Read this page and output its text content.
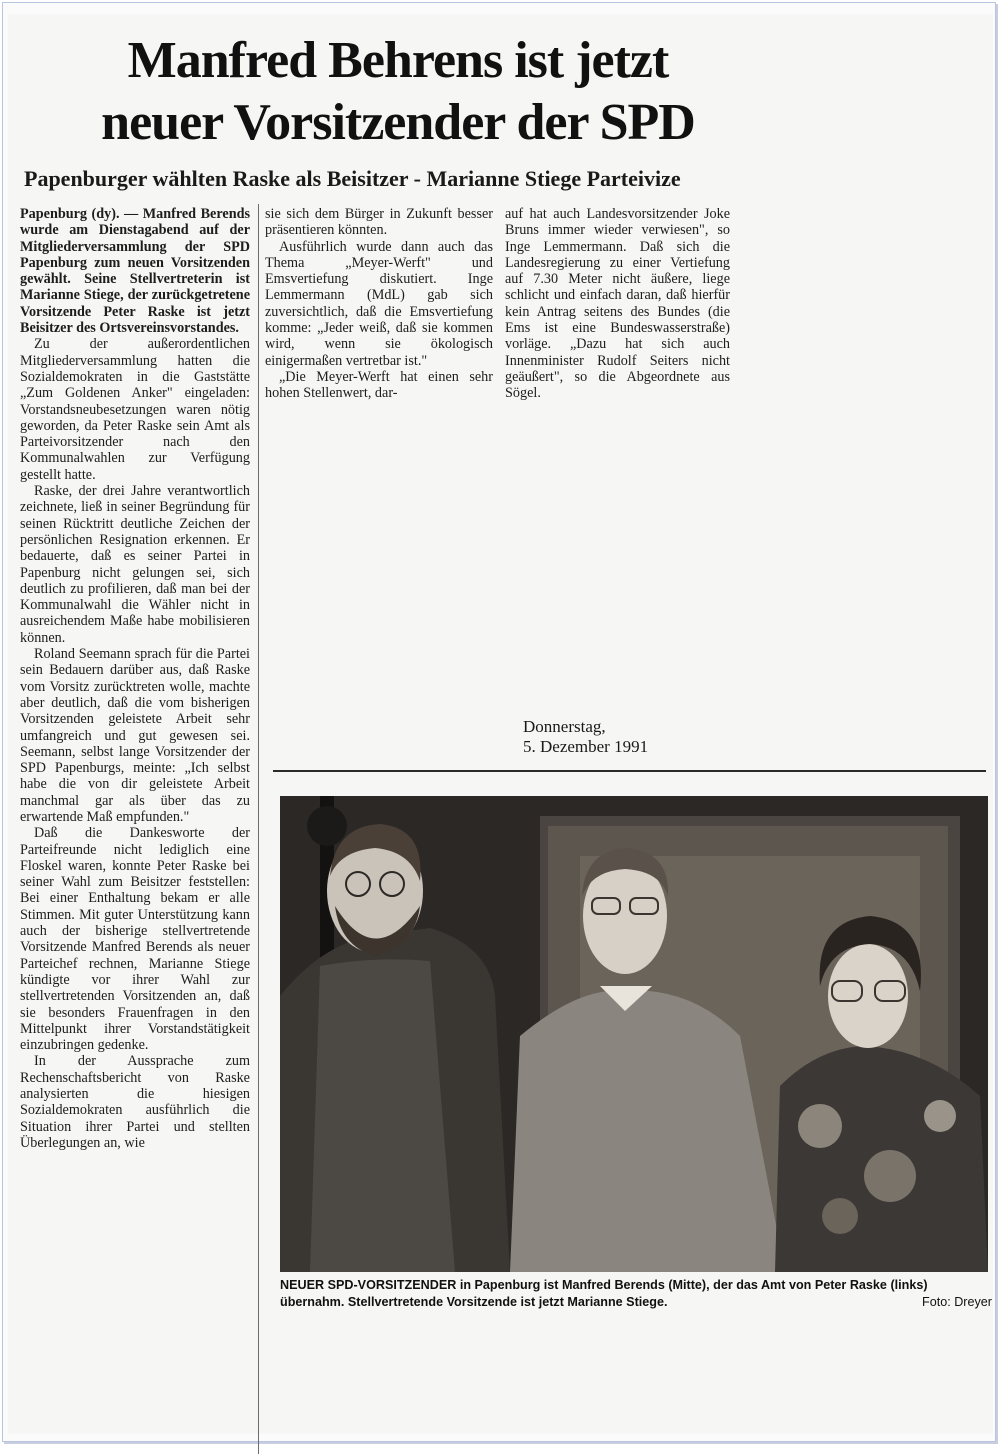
Manfred Behrens ist jetzt
neuer Vorsitzender der SPD
Papenburger wählten Raske als Beisitzer - Marianne Stiege Parteivize

Papenburg (dy). — Manfred Berends wurde am Dienstagabend auf der Mitgliederversammlung der SPD Papenburg zum neuen Vorsitzenden gewählt. Seine Stellvertreterin ist Marianne Stiege, der zurückgetretene Vorsitzende Peter Raske ist jetzt Beisitzer des Ortsvereinsvorstandes.

Zu der außerordentlichen Mitgliederversammlung hatten die Sozialdemokraten in die Gaststätte „Zum Goldenen Anker" eingeladen: Vorstandsneubesetzungen waren nötig geworden, da Peter Raske sein Amt als Parteivorsitzender nach den Kommunalwahlen zur Verfügung gestellt hatte.

Raske, der drei Jahre verantwortlich zeichnete, ließ in seiner Begründung für seinen Rücktritt deutliche Zeichen der persönlichen Resignation erkennen. Er bedauerte, daß es seiner Partei in Papenburg nicht gelungen sei, sich deutlich zu profilieren, daß man bei der Kommunalwahl die Wähler nicht in ausreichendem Maße habe mobilisieren können.

Roland Seemann sprach für die Partei sein Bedauern darüber aus, daß Raske vom Vorsitz zurücktreten wolle, machte aber deutlich, daß die vom bisherigen Vorsitzenden geleistete Arbeit sehr umfangreich und gut gewesen sei. Seemann, selbst lange Vorsitzender der SPD Papenburgs, meinte: „Ich selbst habe die von dir geleistete Arbeit manchmal gar als über das zu erwartende Maß empfunden."

Daß die Dankesworte der Parteifreunde nicht lediglich eine Floskel waren, konnte Peter Raske bei seiner Wahl zum Beisitzer feststellen: Bei einer Enthaltung bekam er alle Stimmen. Mit guter Unterstützung kann auch der bisherige stellvertretende Vorsitzende Manfred Berends als neuer Parteichef rechnen, Marianne Stiege kündigte vor ihrer Wahl zur stellvertretenden Vorsitzenden an, daß sie besonders Frauenfragen in den Mittelpunkt ihrer Vorstandstätigkeit einzubringen gedenke.

In der Aussprache zum Rechenschaftsbericht von Raske analysierten die hiesigen Sozialdemokraten ausführlich die Situation ihrer Partei und stellten Überlegungen an, wie

sie sich dem Bürger in Zukunft besser präsentieren könnten.

Ausführlich wurde dann auch das Thema „Meyer-Werft" und Emsvertiefung diskutiert. Inge Lemmermann (MdL) gab sich zuversichtlich, daß die Emsvertiefung komme: „Jeder weiß, daß sie kommen wird, wenn sie ökologisch einigermaßen vertretbar ist."

„Die Meyer-Werft hat einen sehr hohen Stellenwert, dar-

auf hat auch Landesvorsitzender Joke Bruns immer wieder verwiesen", so Inge Lemmermann. Daß sich die Landesregierung zu einer Vertiefung auf 7.30 Meter nicht äußere, liege schlicht und einfach daran, daß hierfür kein Antrag seitens des Bundes (die Ems ist eine Bundeswasserstraße) vorläge. „Dazu hat sich auch Innenminister Rudolf Seiters nicht geäußert", so die Abgeordnete aus Sögel.

Donnerstag,
5. Dezember 1991
NEUER SPD-VORSITZENDER in Papenburg ist Manfred Berends (Mitte), der das Amt von Peter Raske (links) übernahm. Stellvertretende Vorsitzende ist jetzt Marianne Stiege.	Foto: Dreyer
